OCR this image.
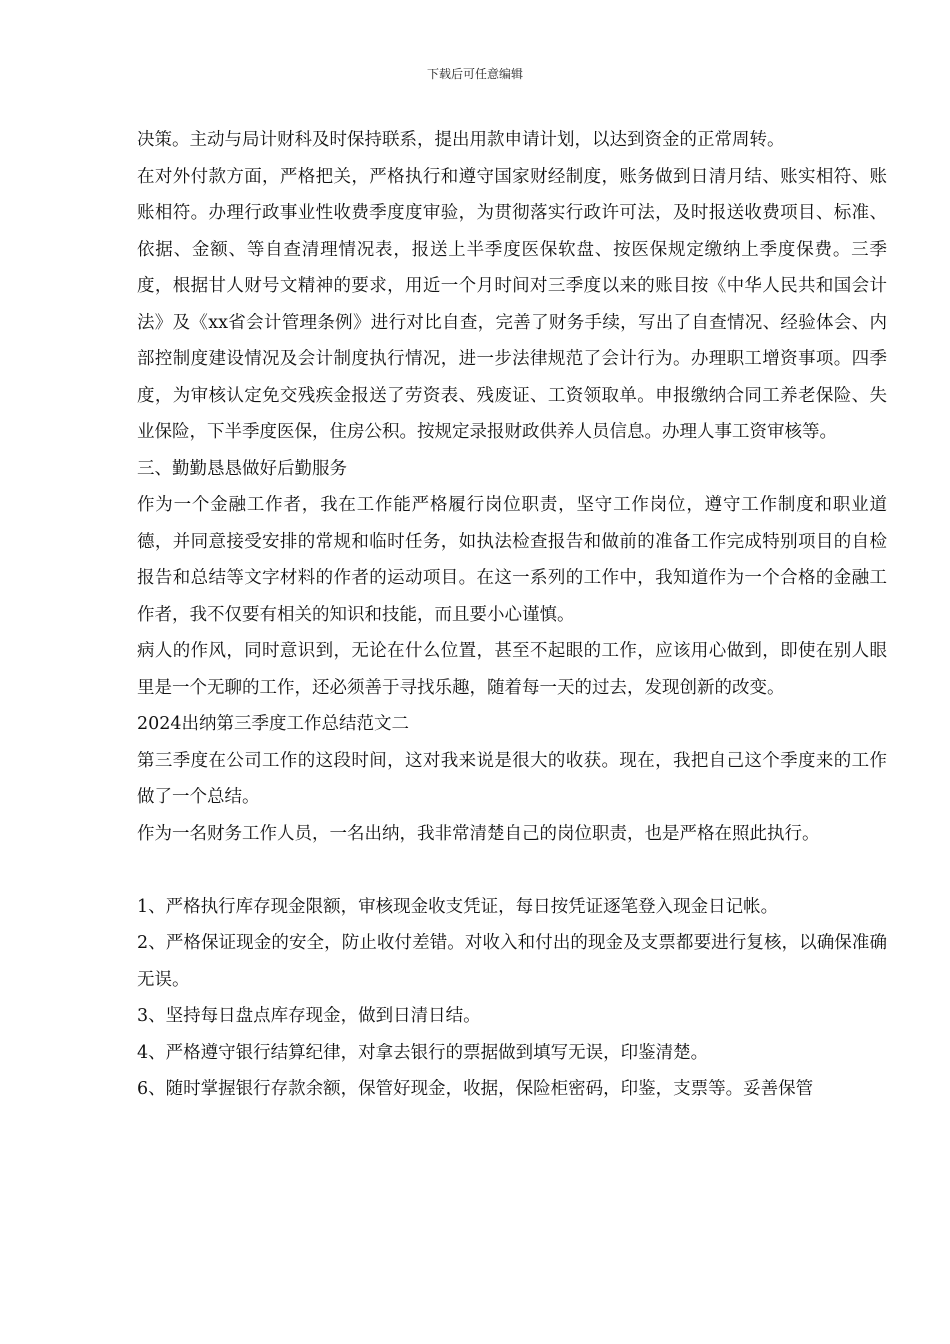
下载后可任意编辑

决策。主动与局计财科及时保持联系，提出用款申请计划，以达到资金的正常周转。

在对外付款方面，严格把关，严格执行和遵守国家财经制度，账务做到日清月结、账实相符、账账相符。办理行政事业性收费季度度审验，为贯彻落实行政许可法，及时报送收费项目、标准、依据、金额、等自查清理情况表，报送上半季度医保软盘、按医保规定缴纳上季度保费。三季度，根据甘人财号文精神的要求，用近一个月时间对三季度以来的账目按《中华人民共和国会计法》及《xx省会计管理条例》进行对比自查，完善了财务手续，写出了自查情况、经验体会、内部控制度建设情况及会计制度执行情况，进一步法律规范了会计行为。办理职工增资事项。四季度，为审核认定免交残疾金报送了劳资表、残废证、工资领取单。申报缴纳合同工养老保险、失业保险，下半季度医保，住房公积。按规定录报财政供养人员信息。办理人事工资审核等。

三、勤勤恳恳做好后勤服务

作为一个金融工作者，我在工作能严格履行岗位职责，坚守工作岗位，遵守工作制度和职业道德，并同意接受安排的常规和临时任务，如执法检查报告和做前的准备工作完成特别项目的自检报告和总结等文字材料的作者的运动项目。在这一系列的工作中，我知道作为一个合格的金融工作者，我不仅要有相关的知识和技能，而且要小心谨慎。

病人的作风，同时意识到，无论在什么位置，甚至不起眼的工作，应该用心做到，即使在别人眼里是一个无聊的工作，还必须善于寻找乐趣，随着每一天的过去，发现创新的改变。

2024出纳第三季度工作总结范文二

第三季度在公司工作的这段时间，这对我来说是很大的收获。现在，我把自己这个季度来的工作做了一个总结。

作为一名财务工作人员，一名出纳，我非常清楚自己的岗位职责，也是严格在照此执行。

1、严格执行库存现金限额，审核现金收支凭证，每日按凭证逐笔登入现金日记帐。

2、严格保证现金的安全，防止收付差错。对收入和付出的现金及支票都要进行复核，以确保准确无误。

3、坚持每日盘点库存现金，做到日清日结。

4、严格遵守银行结算纪律，对拿去银行的票据做到填写无误，印鉴清楚。

6、随时掌握银行存款余额，保管好现金，收据，保险柜密码，印鉴，支票等。妥善保管
